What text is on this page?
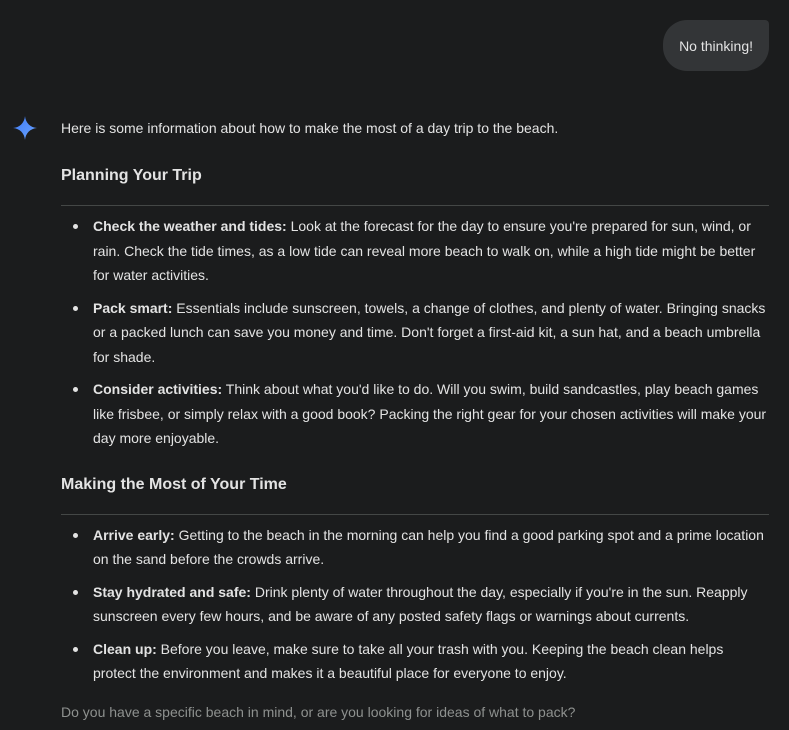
No thinking!

Here is some information about how to make the most of a day trip to the beach.

Planning Your Trip
Check the weather and tides: Look at the forecast for the day to ensure you're prepared for sun, wind, or rain. Check the tide times, as a low tide can reveal more beach to walk on, while a high tide might be better for water activities.
Pack smart: Essentials include sunscreen, towels, a change of clothes, and plenty of water. Bringing snacks or a packed lunch can save you money and time. Don't forget a first-aid kit, a sun hat, and a beach umbrella for shade.
Consider activities: Think about what you'd like to do. Will you swim, build sandcastles, play beach games like frisbee, or simply relax with a good book? Packing the right gear for your chosen activities will make your day more enjoyable.
Making the Most of Your Time
Arrive early: Getting to the beach in the morning can help you find a good parking spot and a prime location on the sand before the crowds arrive.
Stay hydrated and safe: Drink plenty of water throughout the day, especially if you're in the sun. Reapply sunscreen every few hours, and be aware of any posted safety flags or warnings about currents.
Clean up: Before you leave, make sure to take all your trash with you. Keeping the beach clean helps protect the environment and makes it a beautiful place for everyone to enjoy.

Do you have a specific beach in mind, or are you looking for ideas of what to pack?
